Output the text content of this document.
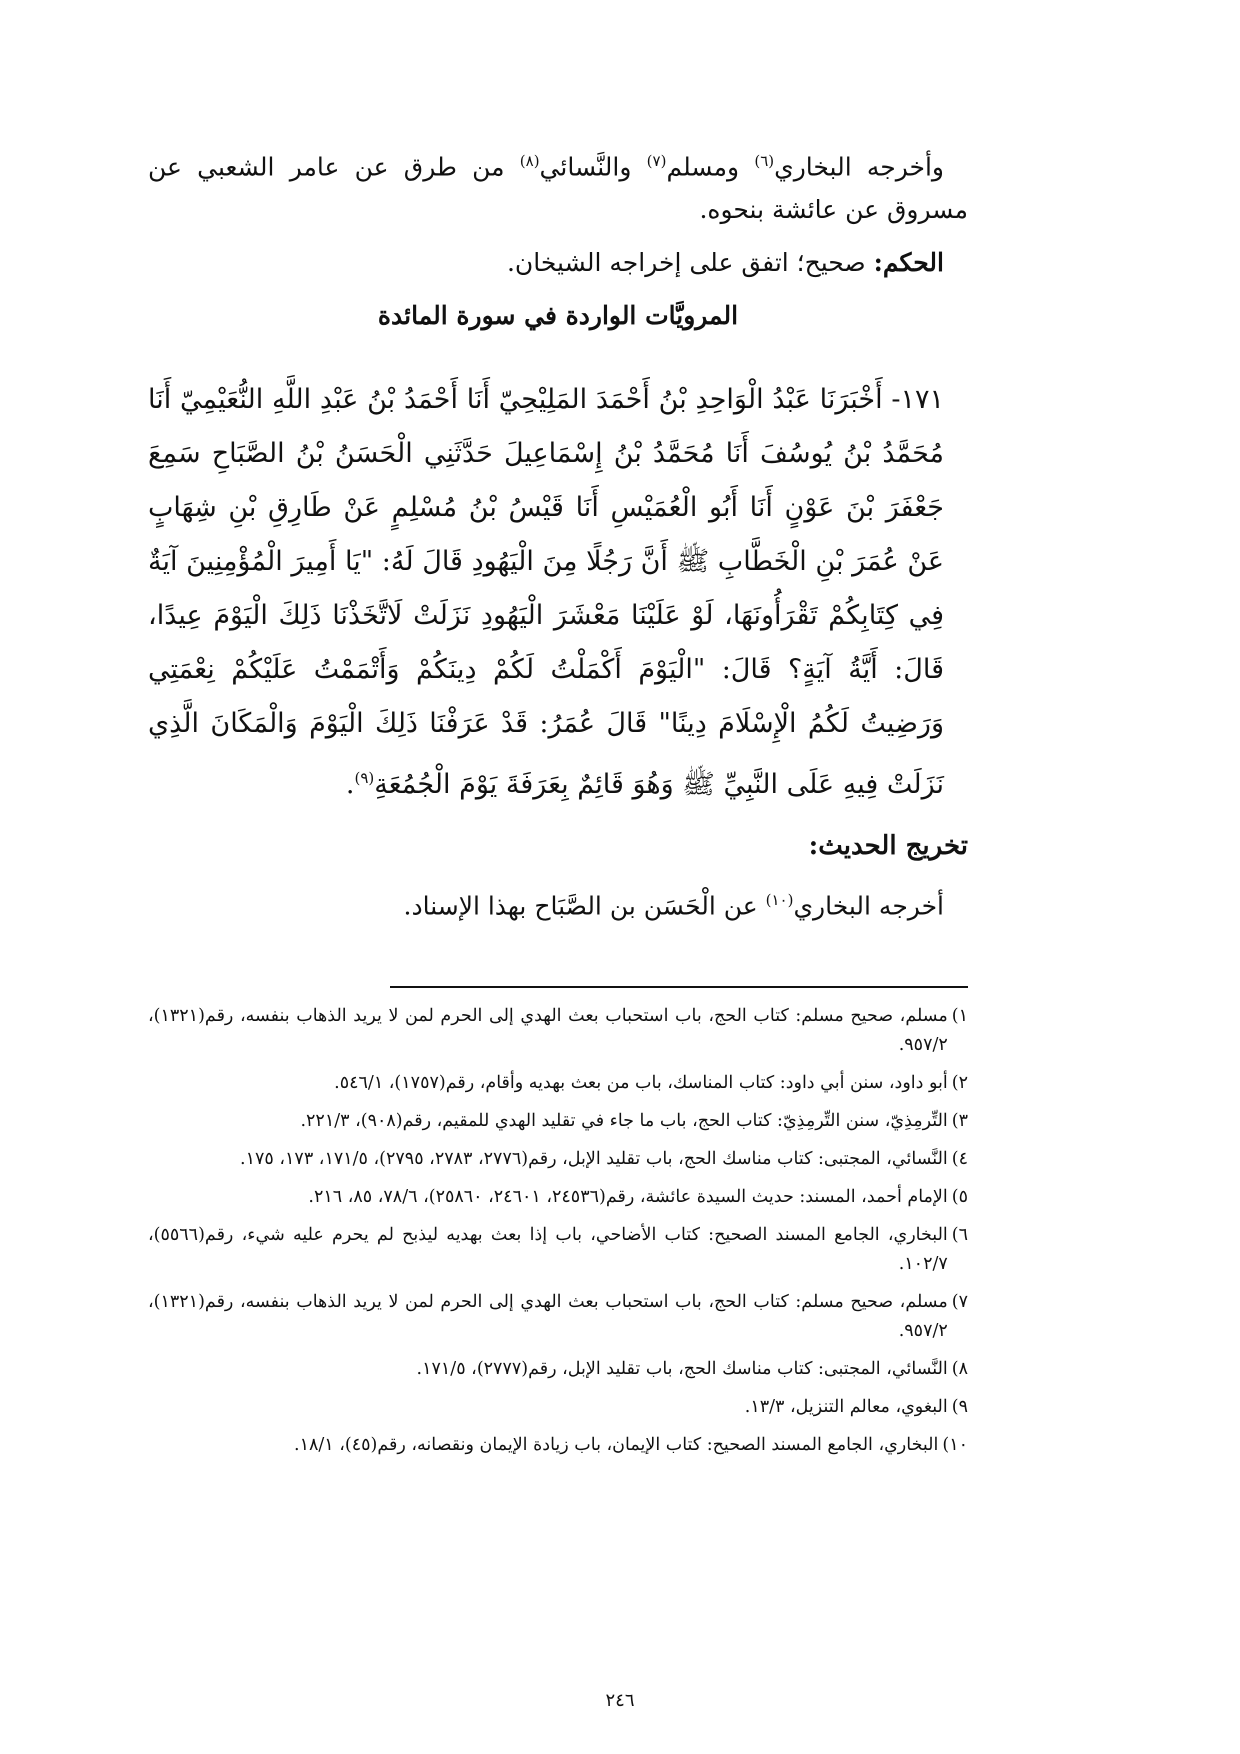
وأخرجه البخاري$^{(٦)}$ ومسلم$^{(٧)}$ والنَّسائي$^{(٨)}$ من طرق عن عامر الشعبي عن مسروق عن عائشة بنحوه.

الحكم: صحيح؛ اتفق على إخراجه الشيخان.

المرويَّات الواردة في سورة المائدة

١٧١- أَخْبَرَنَا عَبْدُ الْوَاحِدِ بْنُ أَحْمَدَ المَلِيْحِيّ أَنَا أَحْمَدُ بْنُ عَبْدِ اللَّهِ النُّعَيْمِيّ أَنَا مُحَمَّدُ بْنُ يُوسُفَ أَنَا مُحَمَّدُ بْنُ إِسْمَاعِيلَ حَدَّثَنِي الْحَسَنُ بْنُ الصَّبَاحِ سَمِعَ جَعْفَرَ بْنَ عَوْنٍ أَنَا أَبُو الْعُمَيْسِ أَنَا قَيْسُ بْنُ مُسْلِمٍ عَنْ طَارِقِ بْنِ شِهَابٍ عَنْ عُمَرَ بْنِ الْخَطَّابِ ﷺ أَنَّ رَجُلًا مِنَ الْيَهُودِ قَالَ لَهُ: "يَا أَمِيرَ الْمُؤْمِنِينَ آيَةٌ فِي كِتَابِكُمْ تَقْرَأُونَهَا، لَوْ عَلَيْنَا مَعْشَرَ الْيَهُودِ نَزَلَتْ لَاتَّخَذْنَا ذَلِكَ الْيَوْمَ عِيدًا، قَالَ: أَيَّةُ آيَةٍ؟ قَالَ: "الْيَوْمَ أَكْمَلْتُ لَكُمْ دِينَكُمْ وَأَتْمَمْتُ عَلَيْكُمْ نِعْمَتِي وَرَضِيتُ لَكُمُ الْإِسْلَامَ دِينًا" قَالَ عُمَرُ: قَدْ عَرَفْنَا ذَلِكَ الْيَوْمَ وَالْمَكَانَ الَّذِي نَزَلَتْ فِيهِ عَلَى النَّبِيِّ ﷺ وَهُوَ قَائِمٌ بِعَرَفَةَ يَوْمَ الْجُمُعَةِ$^{(٩)}$.

تخريج الحديث:

أخرجه البخاري$^{(١٠)}$ عن الْحَسَن بن الصَّبَاح بهذا الإسناد.

١)
مسلم، صحيح مسلم: كتاب الحج، باب استحباب بعث الهدي إلى الحرم لمن لا يريد الذهاب بنفسه، رقم(١٣٢١)، ٩٥٧/٢.
٢)
أبو داود، سنن أبي داود: كتاب المناسك، باب من بعث بهديه وأقام، رقم(١٧٥٧)، ٥٤٦/١.
٣)
التِّرمِذِيّ، سنن التِّرمِذِيّ: كتاب الحج، باب ما جاء في تقليد الهدي للمقيم، رقم(٩٠٨)، ٢٢١/٣.
٤)
النَّسائي، المجتبى: كتاب مناسك الحج، باب تقليد الإبل، رقم(٢٧٧٦، ٢٧٨٣، ٢٧٩٥)، ١٧١/٥، ١٧٣، ١٧٥.
٥)
الإمام أحمد، المسند: حديث السيدة عائشة، رقم(٢٤٥٣٦، ٢٤٦٠١، ٢٥٨٦٠)، ٧٨/٦، ٨٥، ٢١٦.
٦)
البخاري، الجامع المسند الصحيح: كتاب الأضاحي، باب إذا بعث بهديه ليذبح لم يحرم عليه شيء، رقم(٥٥٦٦)، ١٠٢/٧.
٧)
مسلم، صحيح مسلم: كتاب الحج، باب استحباب بعث الهدي إلى الحرم لمن لا يريد الذهاب بنفسه، رقم(١٣٢١)، ٩٥٧/٢.
٨)
النَّسائي، المجتبى: كتاب مناسك الحج، باب تقليد الإبل، رقم(٢٧٧٧)، ١٧١/٥.
٩)
البغوي، معالم التنزيل، ١٣/٣.
١٠)
البخاري، الجامع المسند الصحيح: كتاب الإيمان، باب زيادة الإيمان ونقصانه، رقم(٤٥)، ١٨/١.
٢٤٦
